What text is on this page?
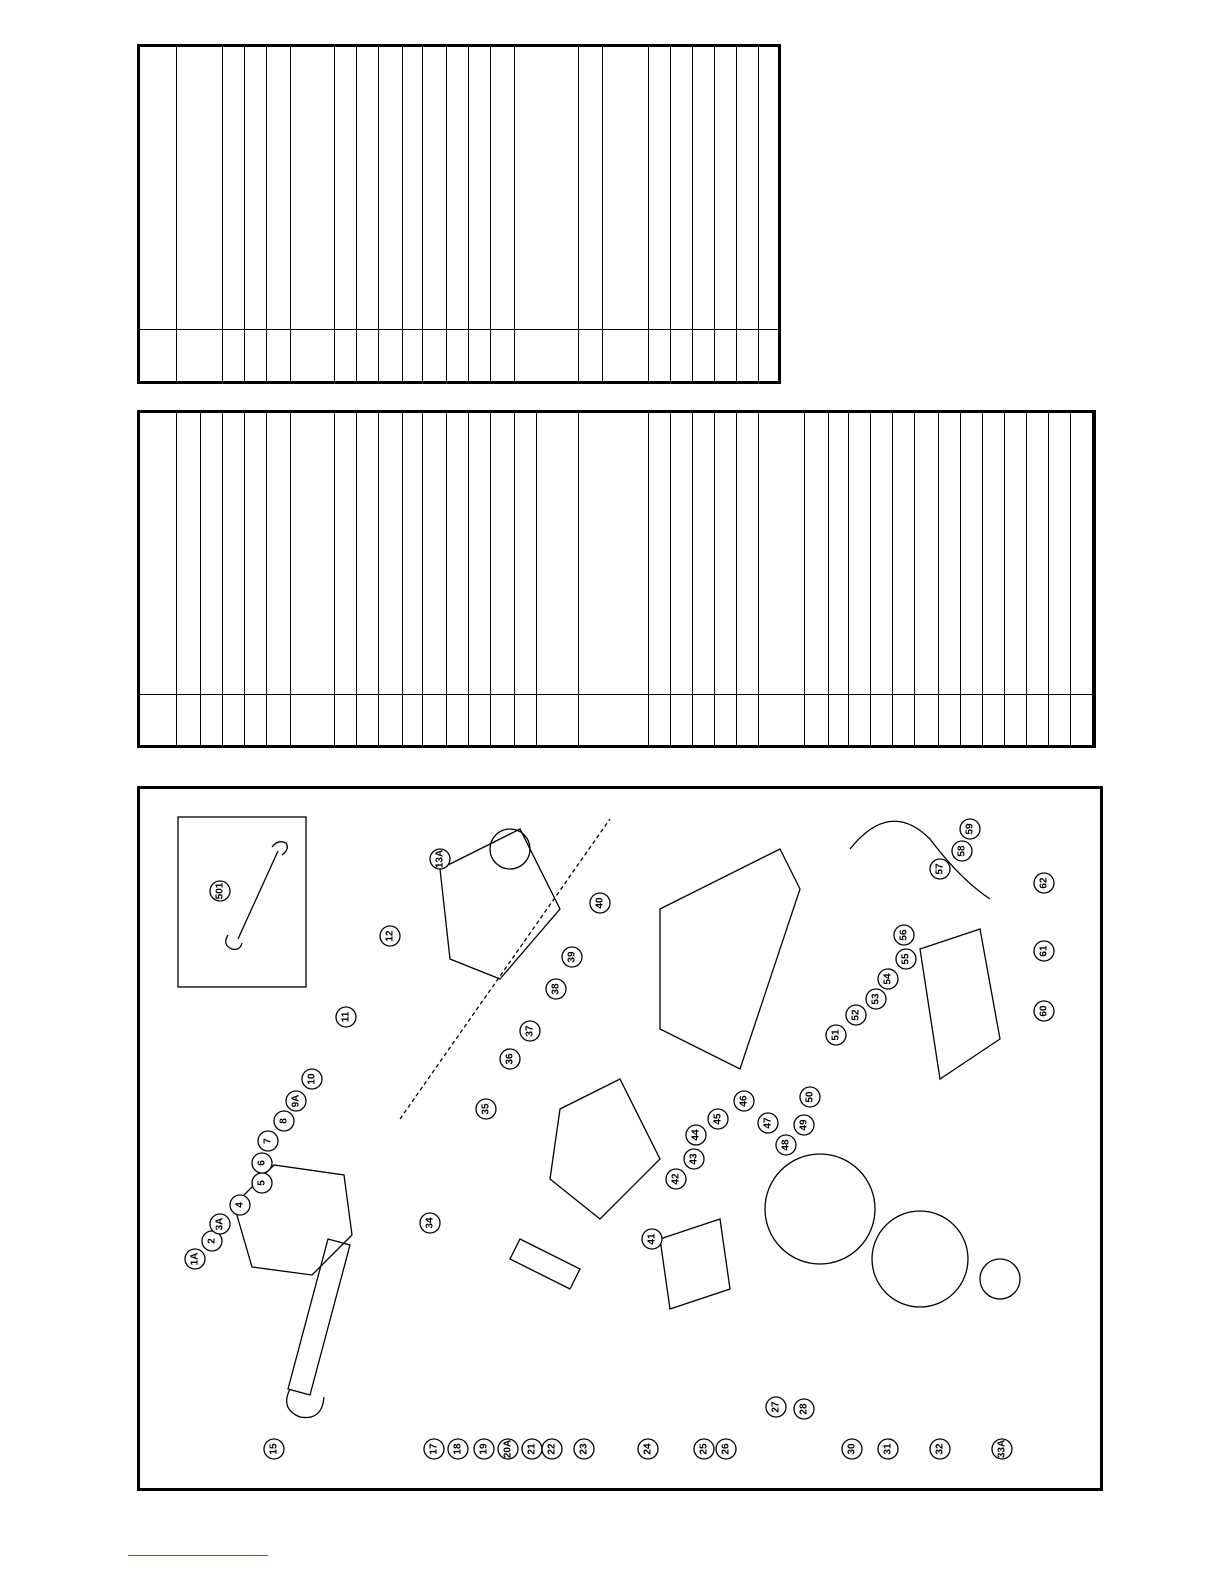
1A
2
3A
4
5
6
7
8
9A
10
11
12
13A
15	17 18 19 20A 21 22 23	24	25 26
27 28
30	31	32	33A
34
35
36
37
38
39
40
41
42
43
44
45
46
47
48
49
50
51
52
53
54
55
56
57
58
59
60
61
62
501
